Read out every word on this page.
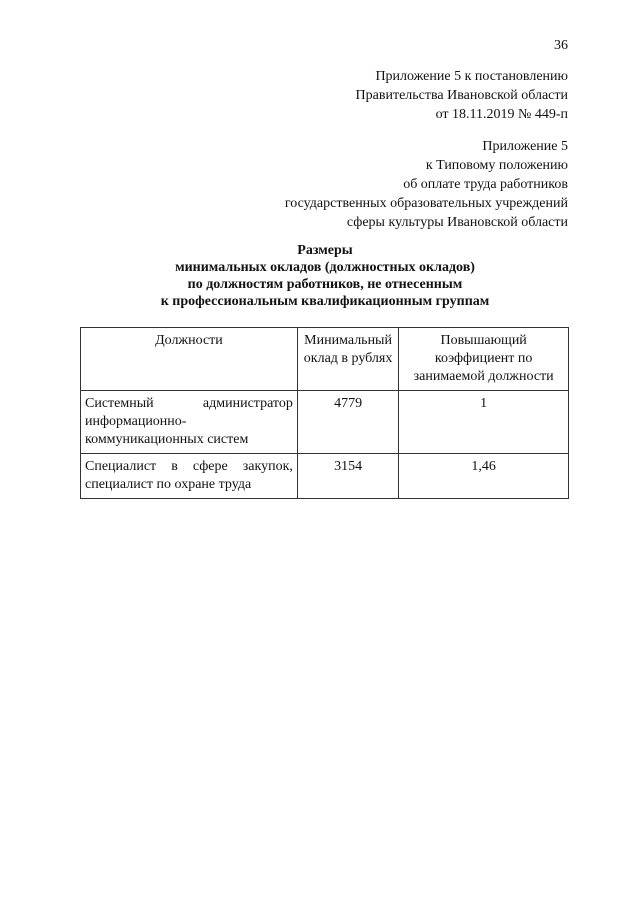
36
Приложение 5 к постановлению
Правительства Ивановской области
от 18.11.2019 № 449-п
Приложение 5
к Типовому положению
об оплате труда работников
государственных образовательных учреждений
сферы культуры Ивановской области
Размеры
минимальных окладов (должностных окладов)
по должностям работников, не отнесенным
к профессиональным квалификационным группам
Должности	Минимальный оклад в рублях	Повышающий коэффициент по занимаемой должности
Системный администратор информационно-коммуникационных систем	4779	1
Специалист в сфере закупок, специалист по охране труда	3154	1,46
